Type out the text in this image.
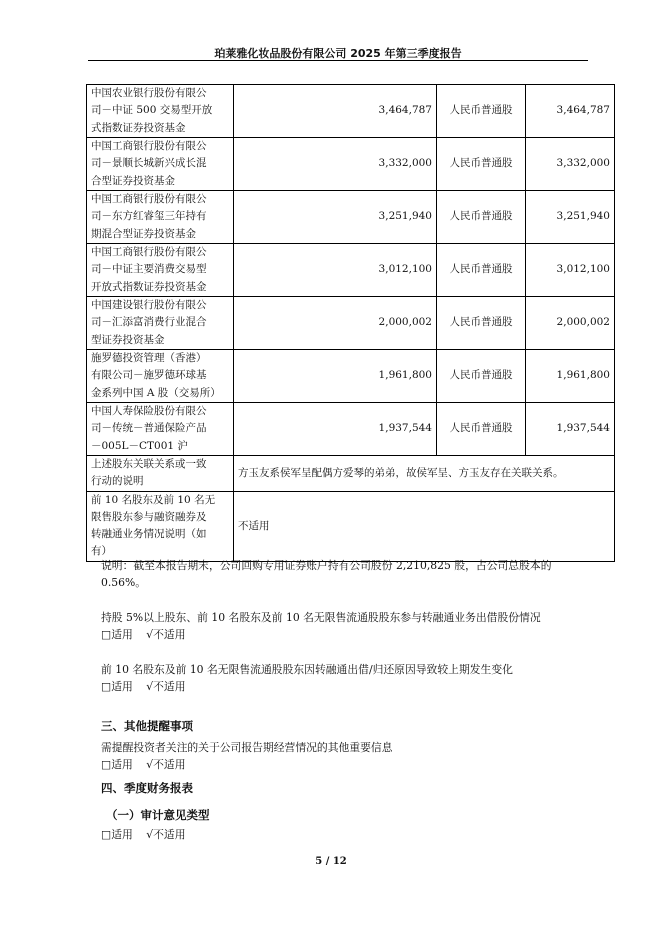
珀莱雅化妆品股份有限公司 2025 年第三季度报告
中国农业银行股份有限公
司－中证 500 交易型开放
式指数证券投资基金	3,464,787	人民币普通股	3,464,787

中国工商银行股份有限公
司－景顺长城新兴成长混
合型证券投资基金	3,332,000	人民币普通股	3,332,000

中国工商银行股份有限公
司－东方红睿玺三年持有
期混合型证券投资基金	3,251,940	人民币普通股	3,251,940

中国工商银行股份有限公
司－中证主要消费交易型
开放式指数证券投资基金	3,012,100	人民币普通股	3,012,100

中国建设银行股份有限公
司－汇添富消费行业混合
型证券投资基金	2,000,002	人民币普通股	2,000,002

施罗德投资管理（香港）
有限公司－施罗德环球基
金系列中国 A 股（交易所）	1,961,800	人民币普通股	1,961,800

中国人寿保险股份有限公
司－传统－普通保险产品
－005L－CT001 沪	1,937,544	人民币普通股	1,937,544

上述股东关联关系或一致
行动的说明	方玉友系侯军呈配偶方爱琴的弟弟，故侯军呈、方玉友存在关联关系。		

前 10 名股东及前 10 名无
限售股东参与融资融券及
转融通业务情况说明（如
有）	不适用		
说明：截至本报告期末，公司回购专用证券账户持有公司股份 2,210,825 股，占公司总股本的
0.56%。
持股 5%以上股东、前 10 名股东及前 10 名无限售流通股股东参与转融通业务出借股份情况
□适用 √不适用
前 10 名股东及前 10 名无限售流通股股东因转融通出借/归还原因导致较上期发生变化
□适用 √不适用
三、其他提醒事项
需提醒投资者关注的关于公司报告期经营情况的其他重要信息
□适用 √不适用
四、季度财务报表
（一）审计意见类型
□适用 √不适用
5 / 12
